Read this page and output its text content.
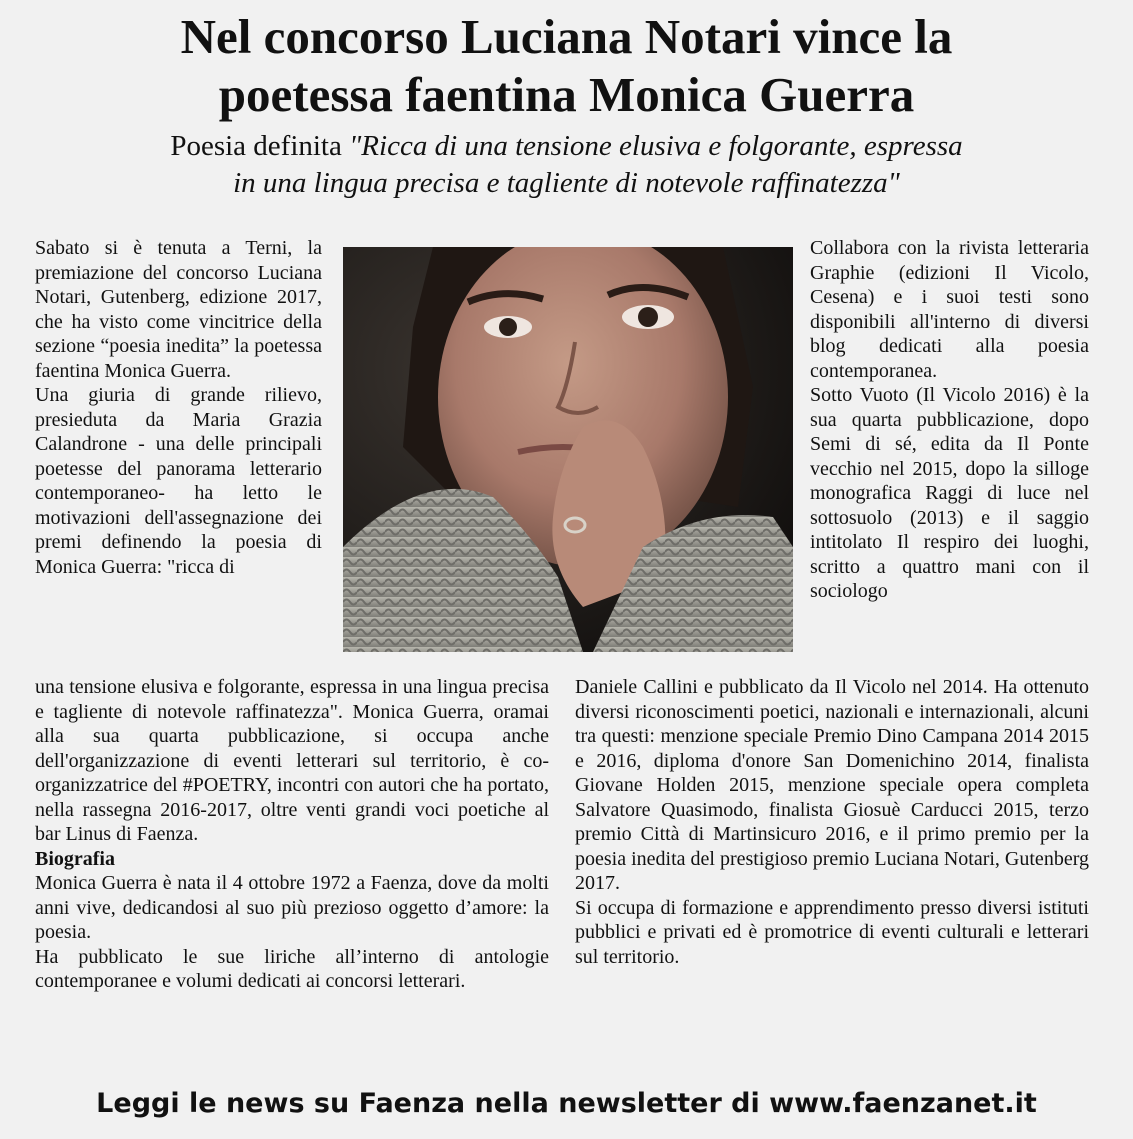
Nel concorso Luciana Notari vince la
poetessa faentina Monica Guerra

Poesia definita "Ricca di una tensione elusiva e folgorante, espressa
in una lingua precisa e tagliente di notevole raffinatezza"

Sabato si è tenuta a Terni, la premiazione del concorso Luciana Notari, Gutenberg, edizione 2017, che ha visto come vincitrice della sezione “poesia inedita” la poetessa faentina Monica Guerra.
Una giuria di grande rilievo, presieduta da Maria Grazia Calandrone - una delle principali poetesse del panorama letterario contemporaneo- ha letto le motivazioni dell'assegnazione dei premi definendo la poesia di Monica Guerra: "ricca di

Collabora con la rivista letteraria Graphie (edizioni Il Vicolo, Cesena) e i suoi testi sono disponibili all'interno di diversi blog dedicati alla poesia contemporanea.
Sotto Vuoto (Il Vicolo 2016) è la sua quarta pubblicazione, dopo Semi di sé, edita da Il Ponte vecchio nel 2015, dopo la silloge monografica Raggi di luce nel sottosuolo (2013) e il saggio intitolato Il respiro dei luoghi, scritto a quattro mani con il sociologo

una tensione elusiva e folgorante, espressa in una lingua precisa e tagliente di notevole raffinatezza". Monica Guerra, oramai alla sua quarta pubblicazione, si occupa anche dell'organizzazione di eventi letterari sul territorio, è co-organizzatrice del #POETRY, incontri con autori che ha portato, nella rassegna 2016-2017, oltre venti grandi voci poetiche al bar Linus di Faenza.

Biografia

Monica Guerra è nata il 4 ottobre 1972 a Faenza, dove da molti anni vive, dedicandosi al suo più prezioso oggetto d’amore: la poesia.

Ha pubblicato le sue liriche all’interno di antologie contemporanee e volumi dedicati ai concorsi letterari.

Daniele Callini e pubblicato da Il Vicolo nel 2014. Ha ottenuto diversi riconoscimenti poetici, nazionali e internazionali, alcuni tra questi: menzione speciale Premio Dino Campana 2014 2015 e 2016, diploma d'onore San Domenichino 2014, finalista Giovane Holden 2015, menzione speciale opera completa Salvatore Quasimodo, finalista Giosuè Carducci 2015, terzo premio Città di Martinsicuro 2016, e il primo premio per la poesia inedita del prestigioso premio Luciana Notari, Gutenberg 2017.

Si occupa di formazione e apprendimento presso diversi istituti pubblici e privati ed è promotrice di eventi culturali e letterari sul territorio.

Leggi le news su Faenza nella newsletter di www.faenzanet.it
